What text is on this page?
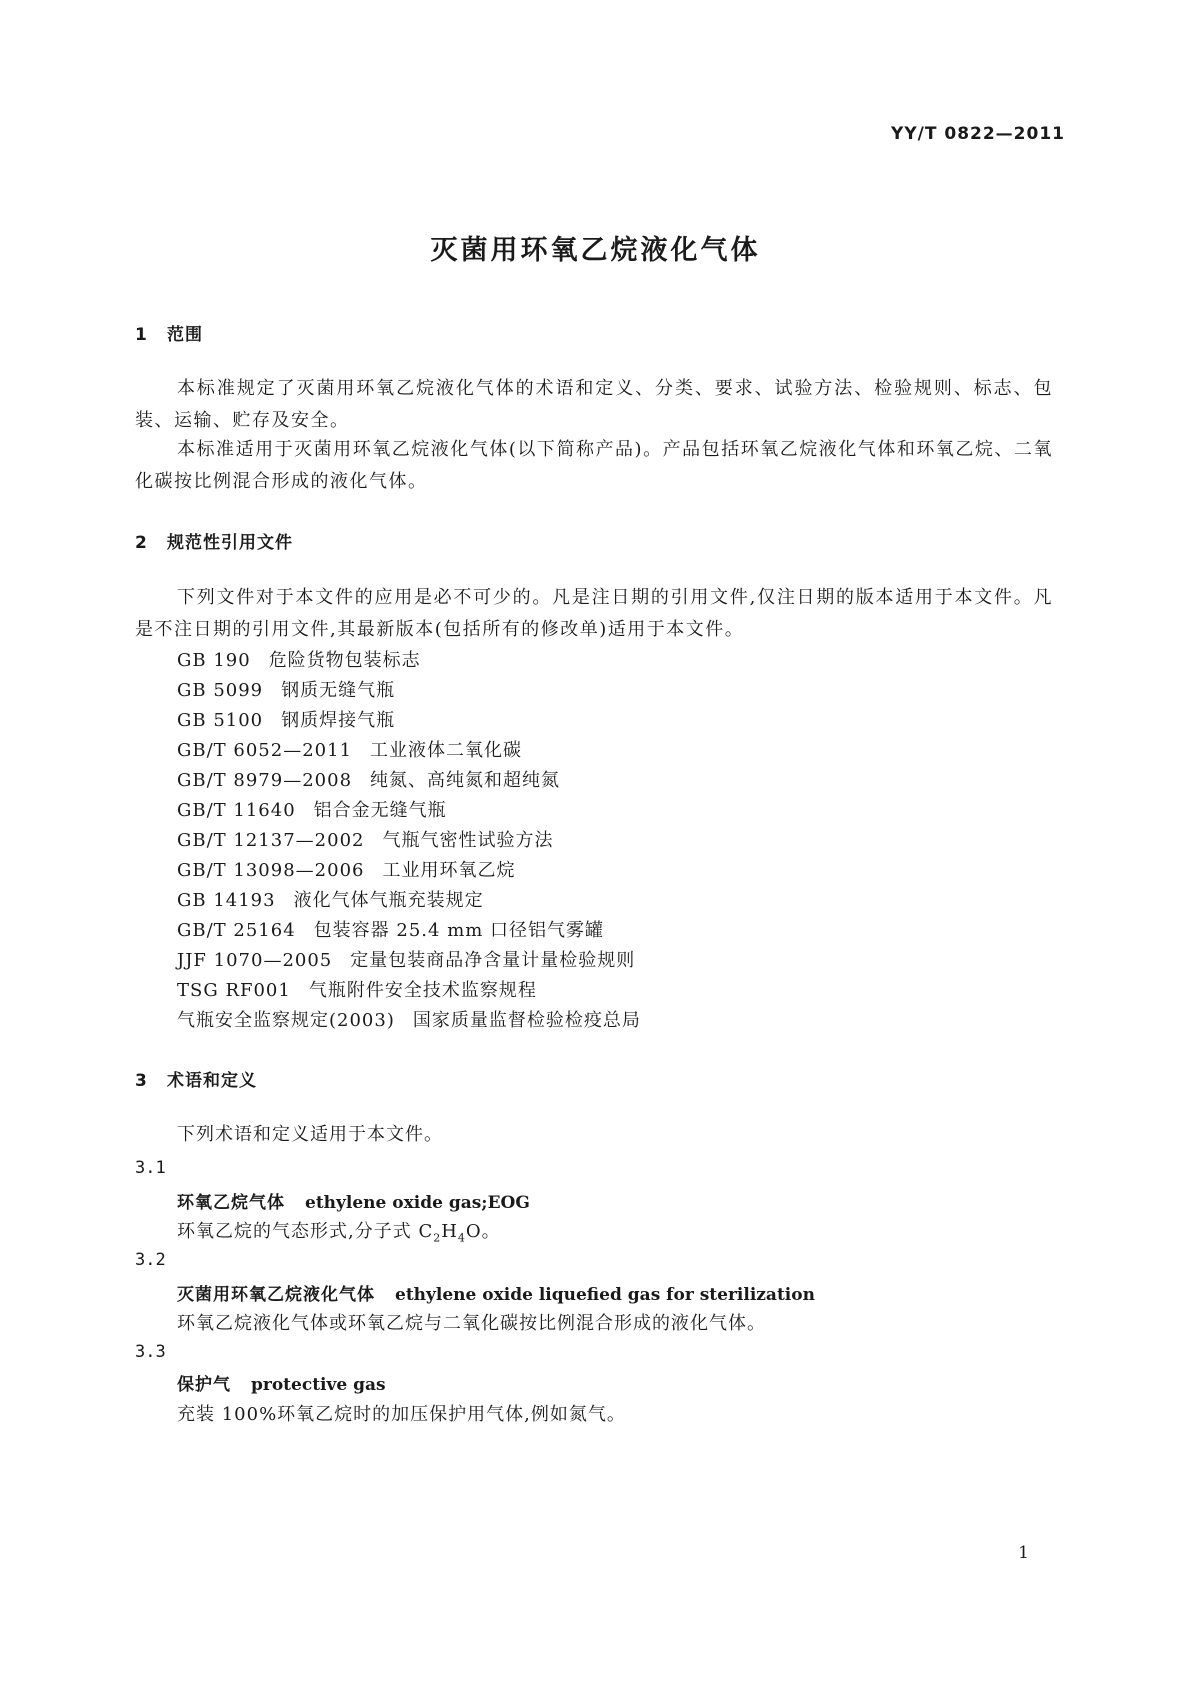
YY/T 0822—2011
灭菌用环氧乙烷液化气体
1 范围
本标准规定了灭菌用环氧乙烷液化气体的术语和定义、分类、要求、试验方法、检验规则、标志、包装、运输、贮存及安全。
本标准适用于灭菌用环氧乙烷液化气体(以下简称产品)。产品包括环氧乙烷液化气体和环氧乙烷、二氧化碳按比例混合形成的液化气体。
2 规范性引用文件
下列文件对于本文件的应用是必不可少的。凡是注日期的引用文件,仅注日期的版本适用于本文件。凡是不注日期的引用文件,其最新版本(包括所有的修改单)适用于本文件。
GB 190 危险货物包装标志
GB 5099 钢质无缝气瓶
GB 5100 钢质焊接气瓶
GB/T 6052—2011 工业液体二氧化碳
GB/T 8979—2008 纯氮、高纯氮和超纯氮
GB/T 11640 铝合金无缝气瓶
GB/T 12137—2002 气瓶气密性试验方法
GB/T 13098—2006 工业用环氧乙烷
GB 14193 液化气体气瓶充装规定
GB/T 25164 包装容器 25.4 mm 口径铝气雾罐
JJF 1070—2005 定量包装商品净含量计量检验规则
TSG RF001 气瓶附件安全技术监察规程
气瓶安全监察规定(2003) 国家质量监督检验检疫总局
3 术语和定义
下列术语和定义适用于本文件。
3.1
环氧乙烷气体 ethylene oxide gas;EOG
环氧乙烷的气态形式,分子式 $C_2H_4O$。
3.2
灭菌用环氧乙烷液化气体 ethylene oxide liquefied gas for sterilization
环氧乙烷液化气体或环氧乙烷与二氧化碳按比例混合形成的液化气体。
3.3
保护气 protective gas
充装 100%环氧乙烷时的加压保护用气体,例如氮气。
1
